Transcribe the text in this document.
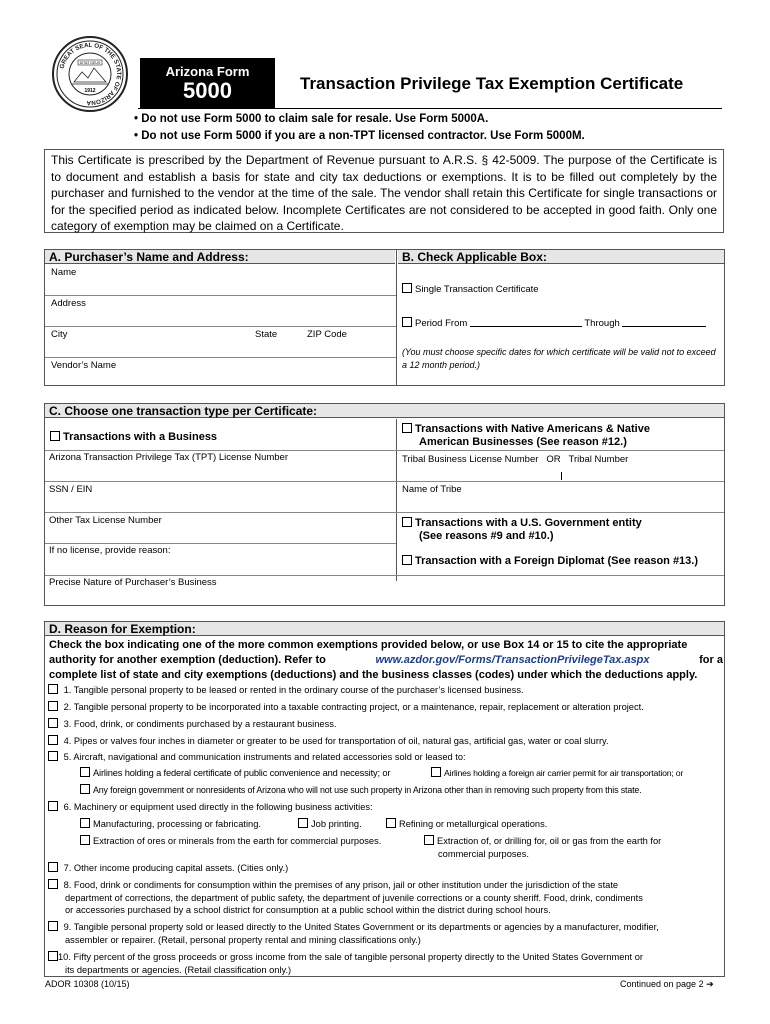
GREAT SEAL OF THE STATE OF ARIZONA
DITAT DEUS
1912
Arizona Form
5000	Transaction Privilege Tax Exemption Certificate
• Do not use Form 5000 to claim sale for resale. Use Form 5000A.
• Do not use Form 5000 if you are a non-TPT licensed contractor. Use Form 5000M.
This Certificate is prescribed by the Department of Revenue pursuant to A.R.S. § 42-5009. The purpose of the Certificate is to document and establish a basis for state and city tax deductions or exemptions. It is to be filled out completely by the purchaser and furnished to the vendor at the time of the sale. The vendor shall retain this Certificate for single transactions or for the specified period as indicated below. Incomplete Certificates are not considered to be accepted in good faith. Only one category of exemption may be claimed on a Certificate.
A. Purchaser’s Name and Address:	B. Check Applicable Box:
Name
Address
City	State	ZIP Code
Vendor’s Name
Single Transaction Certificate
Period From	Through
(You must choose specific dates for which certificate will be valid not to exceed a 12 month period.)
C. Choose one transaction type per Certificate:
Transactions with a Business
Arizona Transaction Privilege Tax (TPT) License Number
SSN / EIN
Other Tax License Number
If no license, provide reason:
Precise Nature of Purchaser’s Business
Transactions with Native Americans & Native
American Businesses (See reason #12.)
Tribal Business License Number OR Tribal Number
Name of Tribe
Transactions with a U.S. Government entity
(See reasons #9 and #10.)
Transaction with a Foreign Diplomat (See reason #13.)
D. Reason for Exemption:
Check the box indicating one of the more common exemptions provided below, or use Box 14 or 15 to cite the appropriate
authority for another exemption (deduction). Refer to	www.azdor.gov/Forms/TransactionPrivilegeTax.aspx	for a
complete list of state and city exemptions (deductions) and the business classes (codes) under which the deductions apply.
1. Tangible personal property to be leased or rented in the ordinary course of the purchaser’s licensed business.
2. Tangible personal property to be incorporated into a taxable contracting project, or a maintenance, repair, replacement or alteration project.
3. Food, drink, or condiments purchased by a restaurant business.
4. Pipes or valves four inches in diameter or greater to be used for transportation of oil, natural gas, artificial gas, water or coal slurry.
5. Aircraft, navigational and communication instruments and related accessories sold or leased to:
Airlines holding a federal certificate of public convenience and necessity; or	Airlines holding a foreign air carrier permit for air transportation; or
Any foreign government or nonresidents of Arizona who will not use such property in Arizona other than in removing such property from this state.
6. Machinery or equipment used directly in the following business activities:
Manufacturing, processing or fabricating.	Job printing.	Refining or metallurgical operations.
Extraction of ores or minerals from the earth for commercial purposes.	Extraction of, or drilling for, oil or gas from the earth for
commercial purposes.
7. Other income producing capital assets. (Cities only.)
8. Food, drink or condiments for consumption within the premises of any prison, jail or other institution under the jurisdiction of the state
department of corrections, the department of public safety, the department of juvenile corrections or a county sheriff. Food, drink, condiments
or accessories purchased by a school district for consumption at a public school within the district during school hours.
9. Tangible personal property sold or leased directly to the United States Government or its departments or agencies by a manufacturer, modifier,
assembler or repairer. (Retail, personal property rental and mining classifications only.)
10. Fifty percent of the gross proceeds or gross income from the sale of tangible personal property directly to the United States Government or
its departments or agencies. (Retail classification only.)
ADOR 10308 (10/15)	Continued on page 2 ➔
